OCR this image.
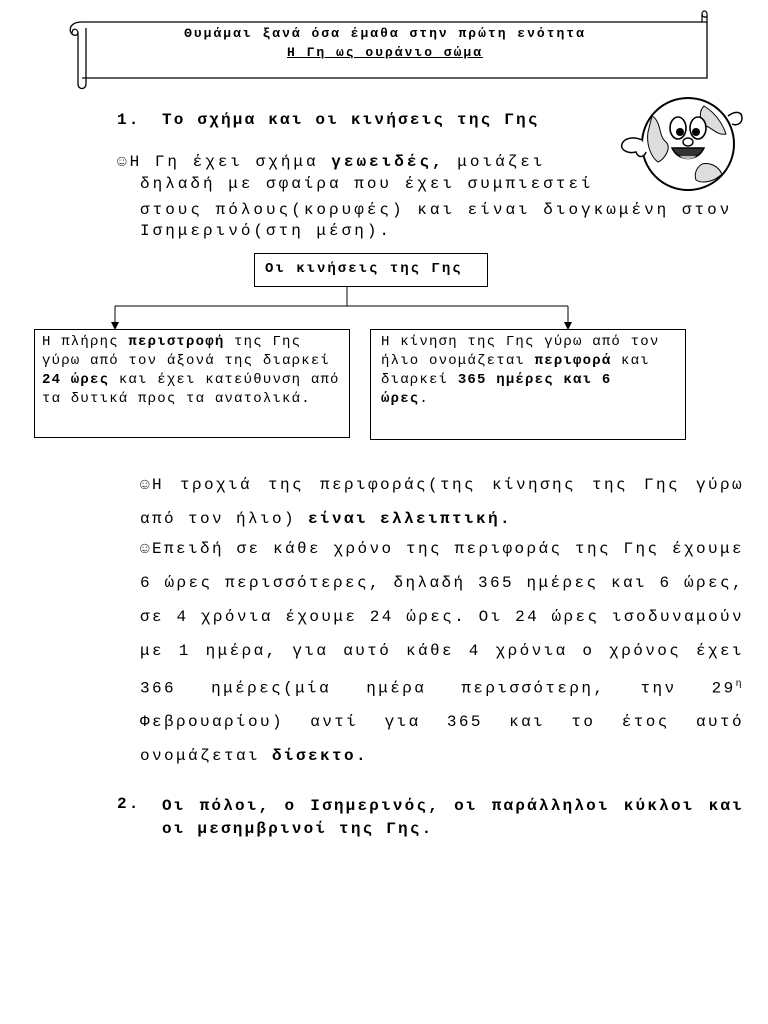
Θυμάμαι ξανά όσα έμαθα στην πρώτη ενότητα
Η Γη ως ουράνιο σώμα
1. Το σχήμα και οι κινήσεις της Γης
☺Η Γη έχει σχήμα γεωειδές, μοιάζει
δηλαδή με σφαίρα που έχει συμπιεστεί
στους πόλους(κορυφές) και είναι διογκωμένη στον
Ισημερινό(στη μέση).
Οι κινήσεις της Γης
Η πλήρης περιστροφή της Γης γύρω από τον άξονά της διαρκεί 24 ώρες και έχει κατεύθυνση από τα δυτικά προς τα ανατολικά.
Η κίνηση της Γης γύρω από τον ήλιο ονομάζεται περιφορά και διαρκεί 365 ημέρες και 6 ώρες.
☺Η τροχιά της περιφοράς(της κίνησης της Γης γύρω από τον ήλιο) είναι ελλειπτική.
☺Επειδή σε κάθε χρόνο της περιφοράς της Γης έχουμε 6 ώρες περισσότερες, δηλαδή 365 ημέρες και 6 ώρες, σε 4 χρόνια έχουμε 24 ώρες. Οι 24 ώρες ισοδυναμούν με 1 ημέρα, για αυτό κάθε 4 χρόνια ο χρόνος έχει 366 ημέρες(μία ημέρα περισσότερη, την $29^\eta$ Φεβρουαρίου) αντί για 365 και το έτος αυτό ονομάζεται δίσεκτο.
2. Οι πόλοι, ο Ισημερινός, οι παράλληλοι κύκλοι και οι μεσημβρινοί της Γης.
